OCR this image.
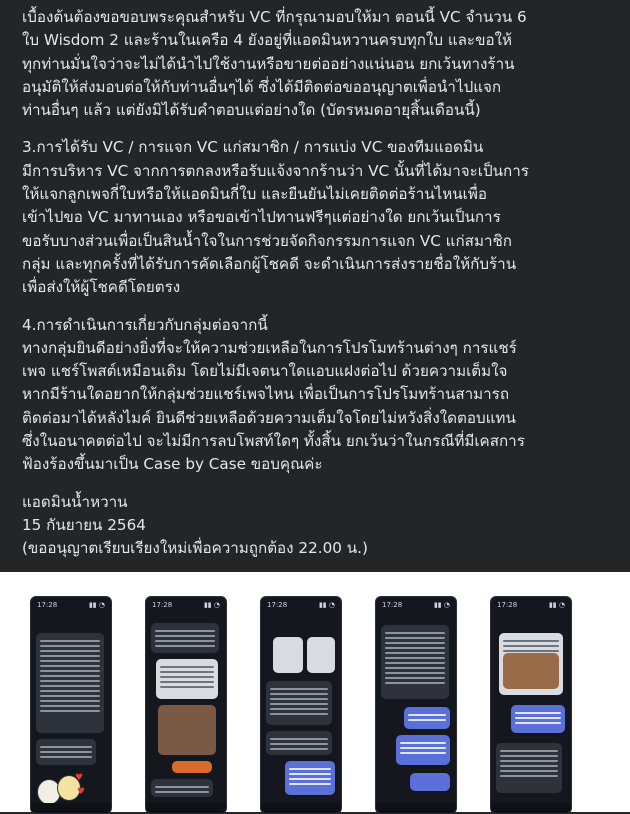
เบื้องต้นต้องขอขอบพระคุณสำหรับ VC ที่กรุณามอบให้มา ตอนนี้ VC จำนวน 6
ใบ Wisdom 2 และร้านในเครือ 4 ยังอยู่ที่แอดมินหวานครบทุกใบ และขอให้
ทุกท่านมั่นใจว่าจะไม่ได้นำไปใช้งานหรือขายต่ออย่างแน่นอน ยกเว้นทางร้าน
อนุมัติให้ส่งมอบต่อให้กับท่านอื่นๆได้ ซึ่งได้มีติดต่อขออนุญาตเพื่อนำไปแจก
ท่านอื่นๆ แล้ว แต่ยังมิได้รับคำตอบแต่อย่างใด (บัตรหมดอายุสิ้นเดือนนี้)

3.การได้รับ VC / การแจก VC แก่สมาชิก / การแบ่ง VC ของทีมแอดมิน
มีการบริหาร VC จากการตกลงหรือรับแจ้งจากร้านว่า VC นั้นที่ได้มาจะเป็นการ
ให้แจกลูกเพจกี่ใบหรือให้แอดมินกี่ใบ และยืนยันไม่เคยติดต่อร้านไหนเพื่อ
เข้าไปขอ VC มาทานเอง หรือขอเข้าไปทานฟรีๆแต่อย่างใด ยกเว้นเป็นการ
ขอรับบางส่วนเพื่อเป็นสินน้ำใจในการช่วยจัดกิจกรรมการแจก VC แก่สมาชิก
กลุ่ม และทุกครั้งที่ได้รับการคัดเลือกผู้โชคดี จะดำเนินการส่งรายชื่อให้กับร้าน
เพื่อส่งให้ผู้โชคดีโดยตรง

4.การดำเนินการเกี่ยวกับกลุ่มต่อจากนี้
ทางกลุ่มยินดีอย่างยิ่งที่จะให้ความช่วยเหลือในการโปรโมทร้านต่างๆ การแชร์
เพจ แชร์โพสต์เหมือนเดิม โดยไม่มีเจตนาใดแอบแฝงต่อไป ด้วยความเต็มใจ
หากมีร้านใดอยากให้กลุ่มช่วยแชร์เพจไหน เพื่อเป็นการโปรโมทร้านสามารถ
ติดต่อมาได้หลังไมค์ ยินดีช่วยเหลือด้วยความเต็มใจโดยไม่หวังสิ่งใดตอบแทน
ซึ่งในอนาคตต่อไป จะไม่มีการลบโพสท์ใดๆ ทั้งสิ้น ยกเว้นว่าในกรณีที่มีเคสการ
ฟ้องร้องขึ้นมาเป็น Case by Case ขอบคุณค่ะ

แอดมินน้ำหวาน
15 กันยายน 2564
(ขออนุญาตเรียบเรียงใหม่เพื่อความถูกต้อง 22.00 น.)

17:28	▮▮ ◔
♥
♥
17:28	▮▮ ◔	17:28	▮▮ ◔	17:28	▮▮ ◔	17:28	▮▮ ◔
